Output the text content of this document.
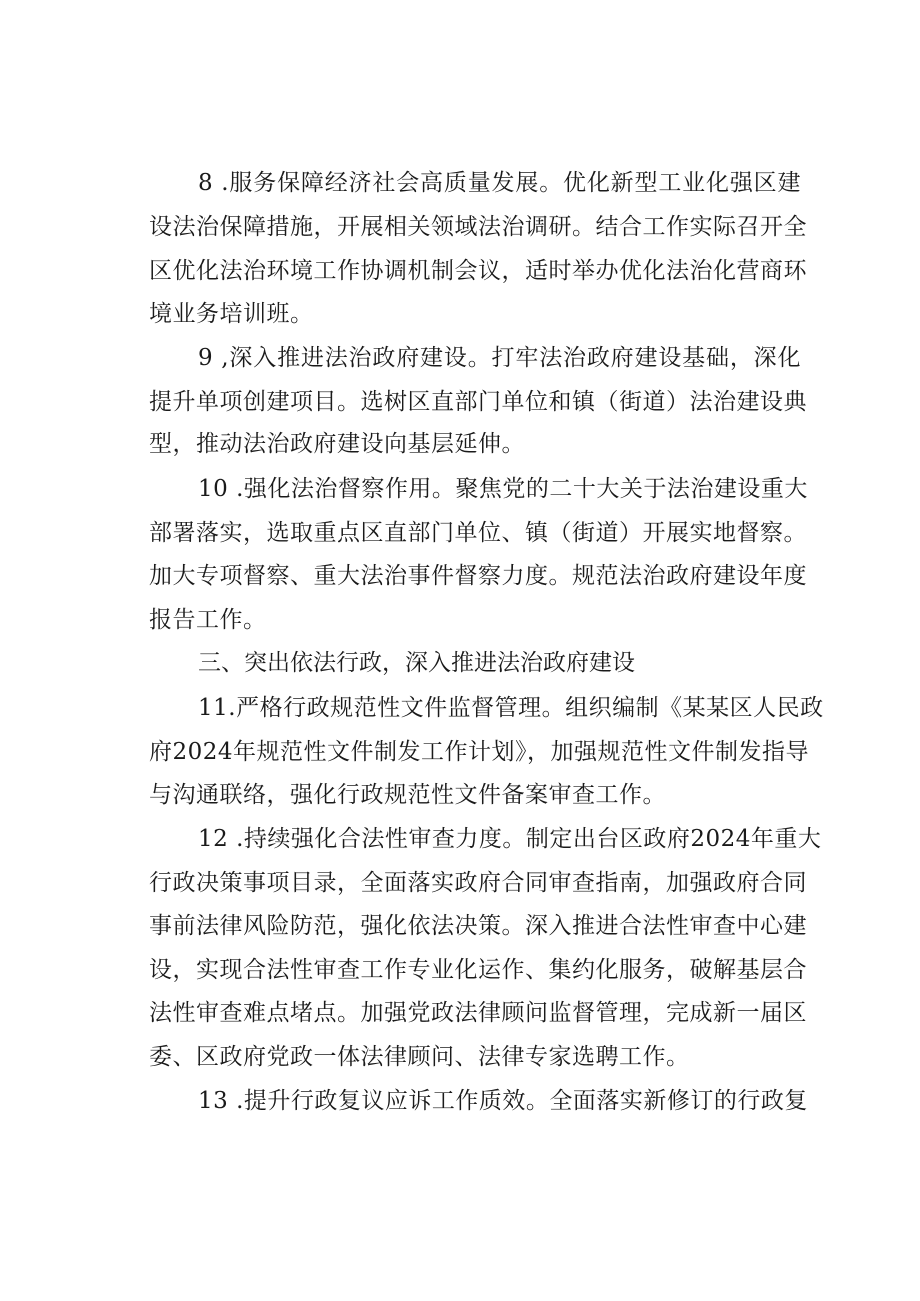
8 .服务保障经济社会高质量发展。优化新型工业化强区建
设法治保障措施，开展相关领域法治调研。结合工作实际召开全
区优化法治环境工作协调机制会议，适时举办优化法治化营商环
境业务培训班。
9 ,深入推进法治政府建设。打牢法治政府建设基础，深化
提升单项创建项目。选树区直部门单位和镇（街道）法治建设典
型，推动法治政府建设向基层延伸。
10 .强化法治督察作用。聚焦党的二十大关于法治建设重大
部署落实，选取重点区直部门单位、镇（街道）开展实地督察。
加大专项督察、重大法治事件督察力度。规范法治政府建设年度
报告工作。
三、突出依法行政，深入推进法治政府建设
11.严格行政规范性文件监督管理。组织编制《某某区人民政
府2024年规范性文件制发工作计划》，加强规范性文件制发指导
与沟通联络，强化行政规范性文件备案审查工作。
12 .持续强化合法性审查力度。制定出台区政府2024年重大
行政决策事项目录，全面落实政府合同审查指南，加强政府合同
事前法律风险防范，强化依法决策。深入推进合法性审查中心建
设，实现合法性审查工作专业化运作、集约化服务，破解基层合
法性审查难点堵点。加强党政法律顾问监督管理，完成新一届区
委、区政府党政一体法律顾问、法律专家选聘工作。
13 .提升行政复议应诉工作质效。全面落实新修订的行政复
